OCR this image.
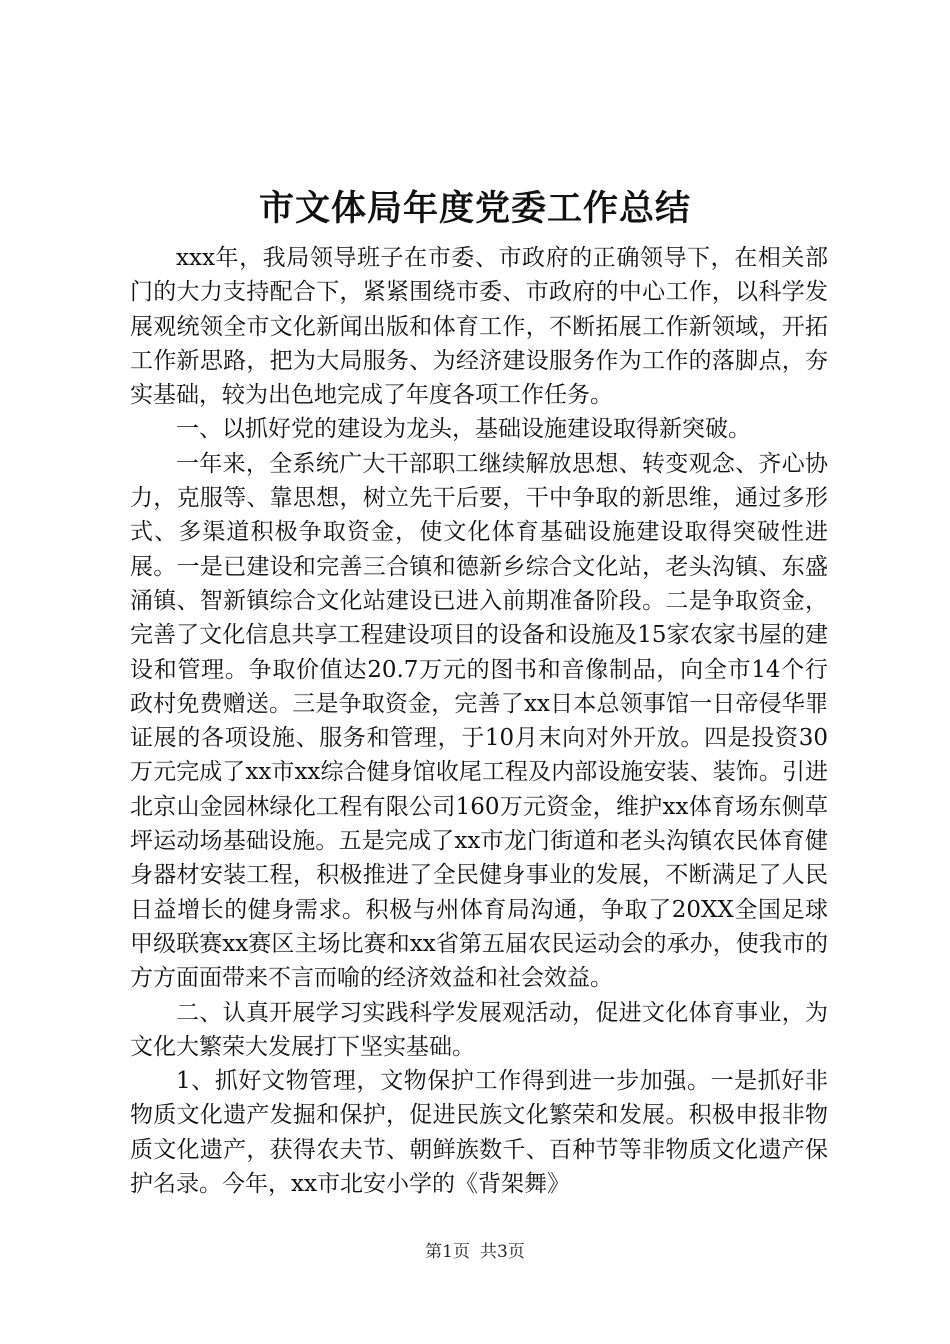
市文体局年度党委工作总结

xxx年，我局领导班子在市委、市政府的正确领导下，在相关部门的大力支持配合下，紧紧围绕市委、市政府的中心工作，以科学发展观统领全市文化新闻出版和体育工作，不断拓展工作新领域，开拓工作新思路，把为大局服务、为经济建设服务作为工作的落脚点，夯实基础，较为出色地完成了年度各项工作任务。

一、以抓好党的建设为龙头，基础设施建设取得新突破。

一年来，全系统广大干部职工继续解放思想、转变观念、齐心协力，克服等、靠思想，树立先干后要，干中争取的新思维，通过多形式、多渠道积极争取资金，使文化体育基础设施建设取得突破性进展。一是已建设和完善三合镇和德新乡综合文化站，老头沟镇、东盛涌镇、智新镇综合文化站建设已进入前期准备阶段。二是争取资金，完善了文化信息共享工程建设项目的设备和设施及15家农家书屋的建设和管理。争取价值达20.7万元的图书和音像制品，向全市14个行政村免费赠送。三是争取资金，完善了xx日本总领事馆一日帝侵华罪证展的各项设施、服务和管理，于10月末向对外开放。四是投资30万元完成了xx市xx综合健身馆收尾工程及内部设施安装、装饰。引进北京山金园林绿化工程有限公司160万元资金，维护xx体育场东侧草坪运动场基础设施。五是完成了xx市龙门街道和老头沟镇农民体育健身器材安装工程，积极推进了全民健身事业的发展，不断满足了人民日益增长的健身需求。积极与州体育局沟通，争取了20XX全国足球甲级联赛xx赛区主场比赛和xx省第五届农民运动会的承办，使我市的方方面面带来不言而喻的经济效益和社会效益。

二、认真开展学习实践科学发展观活动，促进文化体育事业，为文化大繁荣大发展打下坚实基础。

1、抓好文物管理，文物保护工作得到进一步加强。一是抓好非物质文化遗产发掘和保护，促进民族文化繁荣和发展。积极申报非物质文化遗产，获得农夫节、朝鲜族数千、百种节等非物质文化遗产保护名录。今年，xx市北安小学的《背架舞》

第1页 共3页
